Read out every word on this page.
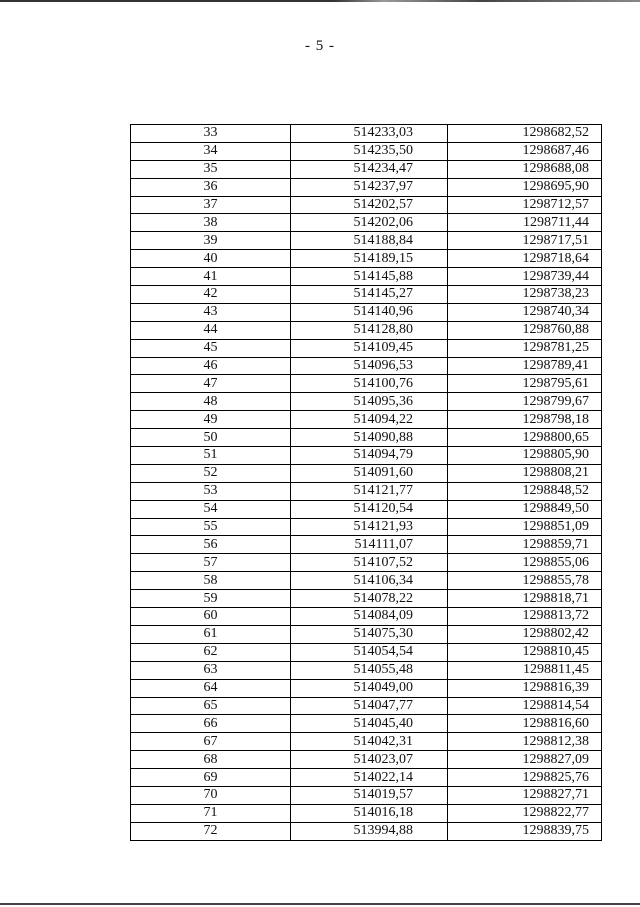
- 5 -
33	514233,03	1298682,52
34	514235,50	1298687,46
35	514234,47	1298688,08
36	514237,97	1298695,90
37	514202,57	1298712,57
38	514202,06	1298711,44
39	514188,84	1298717,51
40	514189,15	1298718,64
41	514145,88	1298739,44
42	514145,27	1298738,23
43	514140,96	1298740,34
44	514128,80	1298760,88
45	514109,45	1298781,25
46	514096,53	1298789,41
47	514100,76	1298795,61
48	514095,36	1298799,67
49	514094,22	1298798,18
50	514090,88	1298800,65
51	514094,79	1298805,90
52	514091,60	1298808,21
53	514121,77	1298848,52
54	514120,54	1298849,50
55	514121,93	1298851,09
56	514111,07	1298859,71
57	514107,52	1298855,06
58	514106,34	1298855,78
59	514078,22	1298818,71
60	514084,09	1298813,72
61	514075,30	1298802,42
62	514054,54	1298810,45
63	514055,48	1298811,45
64	514049,00	1298816,39
65	514047,77	1298814,54
66	514045,40	1298816,60
67	514042,31	1298812,38
68	514023,07	1298827,09
69	514022,14	1298825,76
70	514019,57	1298827,71
71	514016,18	1298822,77
72	513994,88	1298839,75
